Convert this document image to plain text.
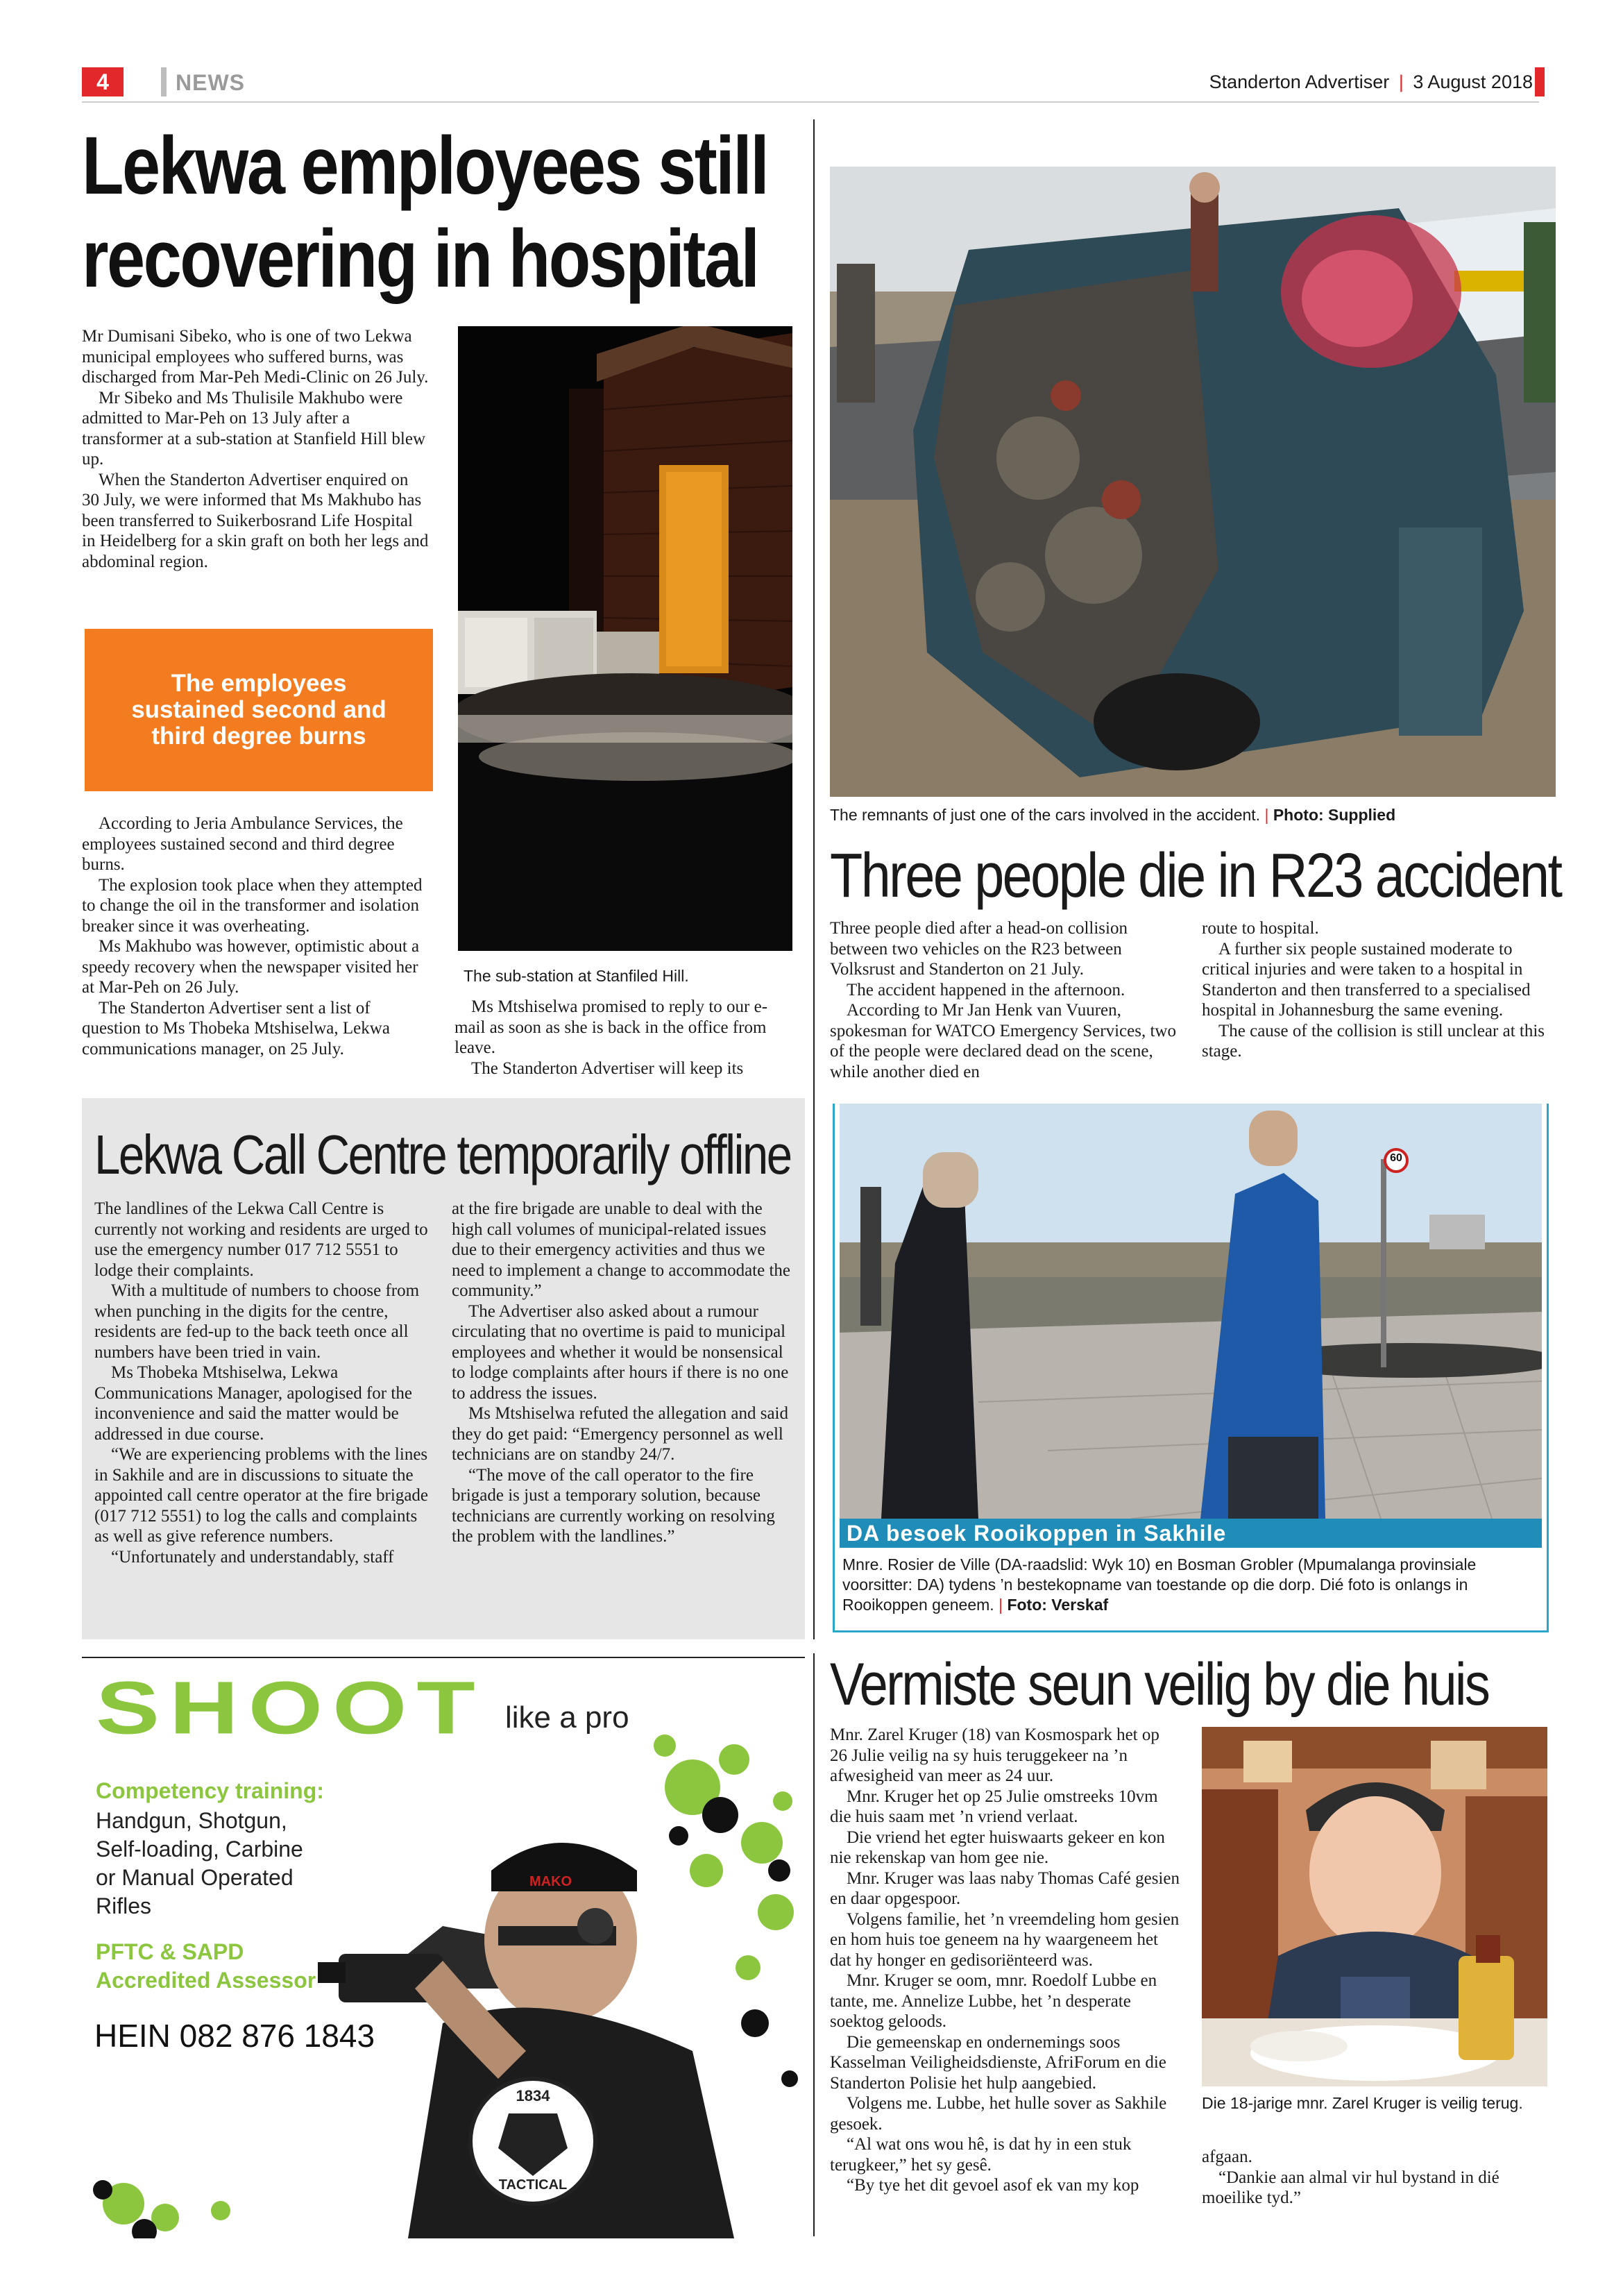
4	NEWS	Standerton Advertiser | 3 August 2018
Lekwa employees still
recovering in hospital

Mr Dumisani Sibeko, who is one of two Lekwa municipal employees who suffered burns, was discharged from Mar-Peh Medi-Clinic on 26 July.

Mr Sibeko and Ms Thulisile Makhubo were admitted to Mar-Peh on 13 July after a transformer at a sub-station at Stanfield Hill blew up.

When the Standerton Advertiser enquired on 30 July, we were informed that Ms Makhubo has been transferred to Suikerbosrand Life Hospital in Heidelberg for a skin graft on both her legs and abdominal region.

The employees sustained second and third degree burns

According to Jeria Ambulance Services, the employees sustained second and third degree burns.

The explosion took place when they attempted to change the oil in the transformer and isolation breaker since it was overheating.

Ms Makhubo was however, optimistic about a speedy recovery when the newspaper visited her at Mar-Peh on 26 July.

The Standerton Advertiser sent a list of question to Ms Thobeka Mtshiselwa, Lekwa communications manager, on 25 July.

The sub-station at Stanfiled Hill.

Ms Mtshiselwa promised to reply to our e-mail as soon as she is back in the office from leave.

The Standerton Advertiser will keep its

The remnants of just one of the cars involved in the accident. | Photo: Supplied
Three people die in R23 accident

Three people died after a head-on collision between two vehicles on the R23 between Volksrust and Standerton on 21 July.

The accident happened in the afternoon.

According to Mr Jan Henk van Vuuren, spokesman for WATCO Emergency Services, two of the people were declared dead on the scene, while another died en

route to hospital.

A further six people sustained moderate to critical injuries and were taken to a hospital in Standerton and then transferred to a specialised hospital in Johannesburg the same evening.

The cause of the collision is still unclear at this stage.

Lekwa Call Centre temporarily offline

The landlines of the Lekwa Call Centre is currently not working and residents are urged to use the emergency number 017 712 5551 to lodge their complaints.

With a multitude of numbers to choose from when punching in the digits for the centre, residents are fed-up to the back teeth once all numbers have been tried in vain.

Ms Thobeka Mtshiselwa, Lekwa Communications Manager, apologised for the inconvenience and said the matter would be addressed in due course.

“We are experiencing problems with the lines in Sakhile and are in discussions to situate the appointed call centre operator at the fire brigade (017 712 5551) to log the calls and complaints as well as give reference numbers.

“Unfortunately and understandably, staff

at the fire brigade are unable to deal with the high call volumes of municipal-related issues due to their emergency activities and thus we need to implement a change to accommodate the community.”

The Advertiser also asked about a rumour circulating that no overtime is paid to municipal employees and whether it would be nonsensical to lodge complaints after hours if there is no one to address the issues.

Ms Mtshiselwa refuted the allegation and said they do get paid: “Emergency personnel as well technicians are on standby 24/7.

“The move of the call operator to the fire brigade is just a temporary solution, because technicians are currently working on resolving the problem with the landlines.”

60
DA besoek Rooikoppen in Sakhile
Mnre. Rosier de Ville (DA-raadslid: Wyk 10) en Bosman Grobler (Mpumalanga provinsiale voorsitter: DA) tydens ’n bestekopname van toestande op die dorp. Dié foto is onlangs in Rooikoppen geneem. | Foto: Verskaf
SHOOT like a pro
Competency training:
Handgun, Shotgun,
Self-loading, Carbine
or Manual Operated
Rifles
PFTC & SAPD
Accredited Assessor
HEIN 082 876 1843
MAKO
1834
TACTICAL
Vermiste seun veilig by die huis

Mnr. Zarel Kruger (18) van Kosmospark het op 26 Julie veilig na sy huis teruggekeer na ’n afwesigheid van meer as 24 uur.

Mnr. Kruger het op 25 Julie omstreeks 10vm die huis saam met ’n vriend verlaat.

Die vriend het egter huiswaarts gekeer en kon nie rekenskap van hom gee nie.

Mnr. Kruger was laas naby Thomas Café gesien en daar opgespoor.

Volgens familie, het ’n vreemdeling hom gesien en hom huis toe geneem na hy waargeneem het dat hy honger en gedisoriënteerd was.

Mnr. Kruger se oom, mnr. Roedolf Lubbe en tante, me. Annelize Lubbe, het ’n desperate soektog geloods.

Die gemeenskap en ondernemings soos Kasselman Veiligheidsdienste, AfriForum en die Standerton Polisie het hulp aangebied.

Volgens me. Lubbe, het hulle sover as Sakhile gesoek.

“Al wat ons wou hê, is dat hy in een stuk terugkeer,” het sy gesê.

“By tye het dit gevoel asof ek van my kop

Die 18-jarige mnr. Zarel Kruger is veilig terug.

afgaan.

“Dankie aan almal vir hul bystand in dié moeilike tyd.”
